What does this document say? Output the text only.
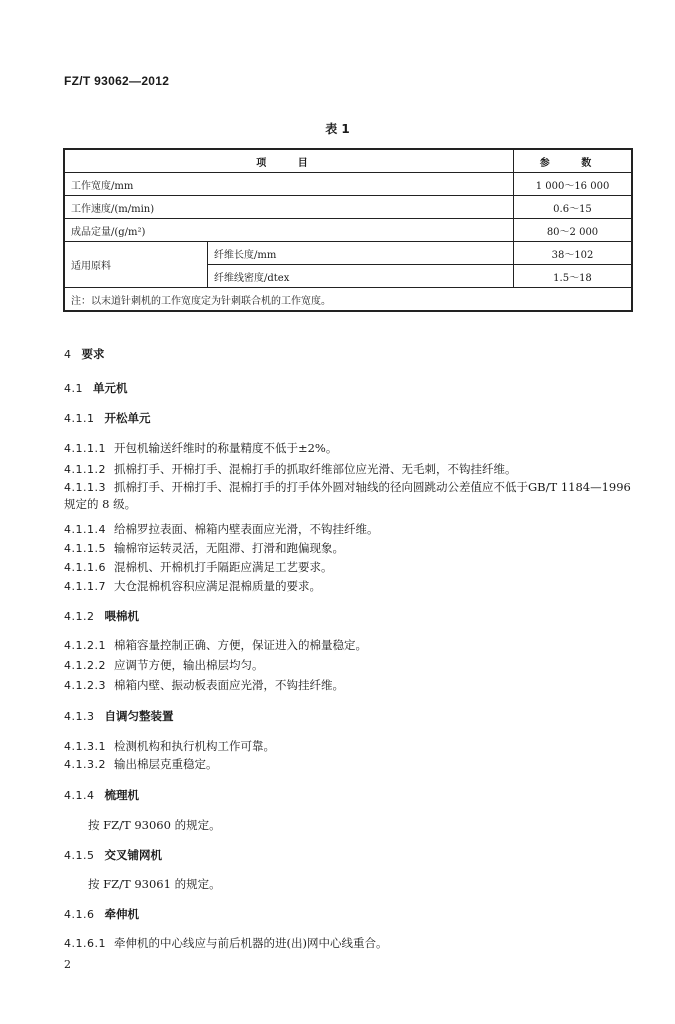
FZ/T 93062—2012
表 1
项 目		参 数
工作宽度/mm		1 000～16 000
工作速度/(m/min)		0.6～15
成品定量/(g/m²)		80～2 000
适用原料	纤维长度/mm	38～102
	纤维线密度/dtex	1.5～18
注：以末道针刺机的工作宽度定为针刺联合机的工作宽度。		
4 要求
4.1 单元机
4.1.1 开松单元
4.1.1.1 开包机输送纤维时的称量精度不低于±2%。
4.1.1.2 抓棉打手、开棉打手、混棉打手的抓取纤维部位应光滑、无毛刺，不钩挂纤维。
4.1.1.3 抓棉打手、开棉打手、混棉打手的打手体外圆对轴线的径向圆跳动公差值应不低于GB/T 1184—1996 规定的 8 级。
4.1.1.4 给棉罗拉表面、棉箱内壁表面应光滑，不钩挂纤维。
4.1.1.5 输棉帘运转灵活，无阻滞、打滑和跑偏现象。
4.1.1.6 混棉机、开棉机打手隔距应满足工艺要求。
4.1.1.7 大仓混棉机容积应满足混棉质量的要求。
4.1.2 喂棉机
4.1.2.1 棉箱容量控制正确、方便，保证进入的棉量稳定。
4.1.2.2 应调节方便，输出棉层均匀。
4.1.2.3 棉箱内壁、振动板表面应光滑，不钩挂纤维。
4.1.3 自调匀整装置
4.1.3.1 检测机构和执行机构工作可靠。
4.1.3.2 输出棉层克重稳定。
4.1.4 梳理机
按 FZ/T 93060 的规定。
4.1.5 交叉铺网机
按 FZ/T 93061 的规定。
4.1.6 牵伸机
4.1.6.1 牵伸机的中心线应与前后机器的进(出)网中心线重合。
2
